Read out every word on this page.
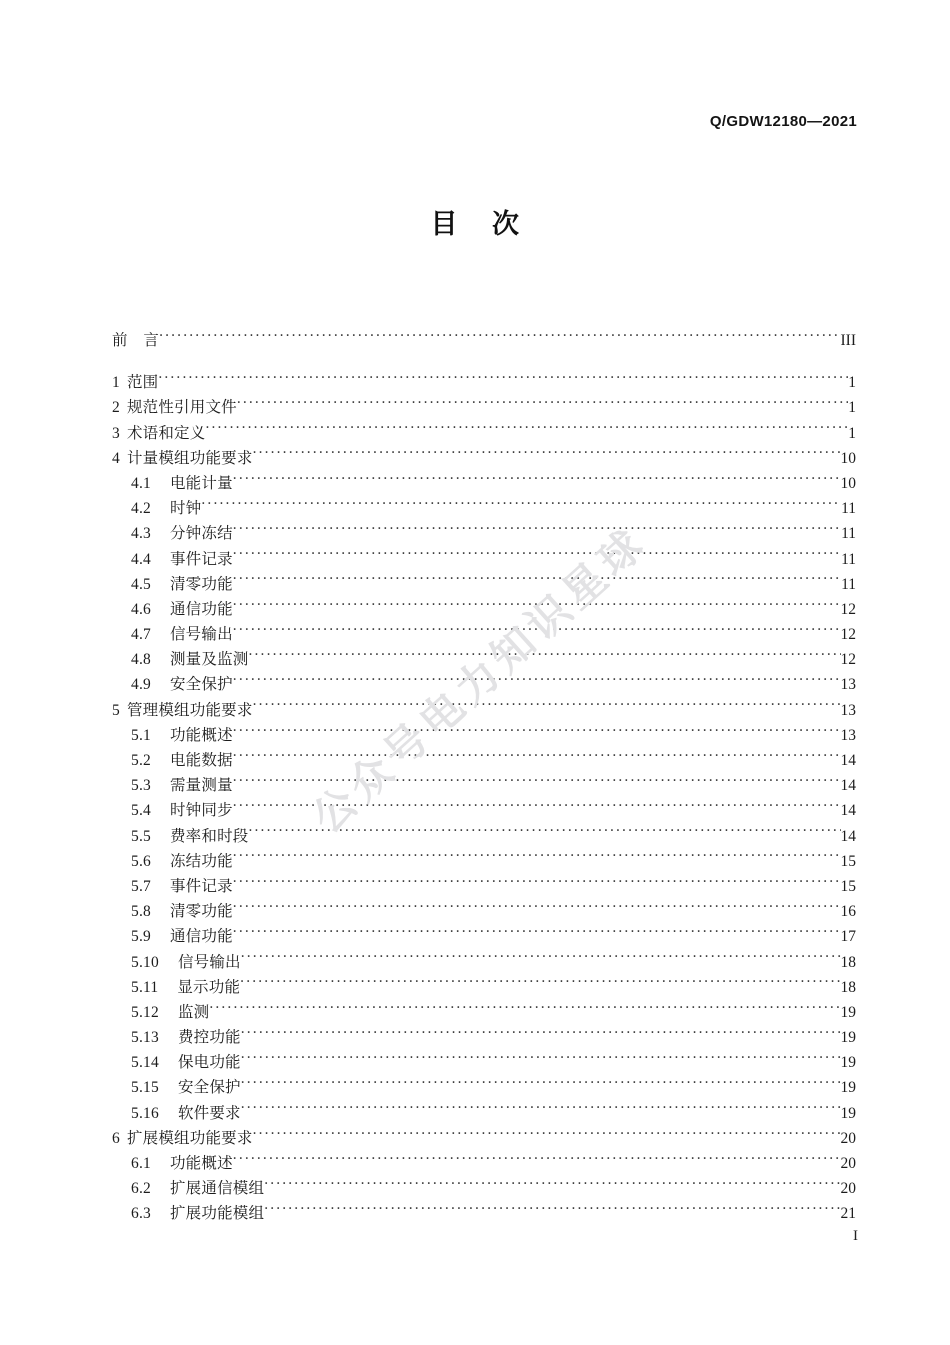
Q/GDW12180—2021
目 次
公众号电力知识星球
前　言 .....	III
1 范围 .....	1
2 规范性引用文件 .....	1
3 术语和定义 .....	1
4 计量模组功能要求 .....	10
4.1 电能计量 .....	10
4.2 时钟 .....	11
4.3 分钟冻结 .....	11
4.4 事件记录 .....	11
4.5 清零功能 .....	11
4.6 通信功能 .....	12
4.7 信号输出 .....	12
4.8 测量及监测 .....	12
4.9 安全保护 .....	13
5 管理模组功能要求 .....	13
5.1 功能概述 .....	13
5.2 电能数据 .....	14
5.3 需量测量 .....	14
5.4 时钟同步 .....	14
5.5 费率和时段 .....	14
5.6 冻结功能 .....	15
5.7 事件记录 .....	15
5.8 清零功能 .....	16
5.9 通信功能 .....	17
5.10 信号输出 .....	18
5.11 显示功能 .....	18
5.12 监测 .....	19
5.13 费控功能 .....	19
5.14 保电功能 .....	19
5.15 安全保护 .....	19
5.16 软件要求 .....	19
6 扩展模组功能要求 .....	20
6.1 功能概述 .....	20
6.2 扩展通信模组 .....	20
6.3 扩展功能模组 .....	21
I
